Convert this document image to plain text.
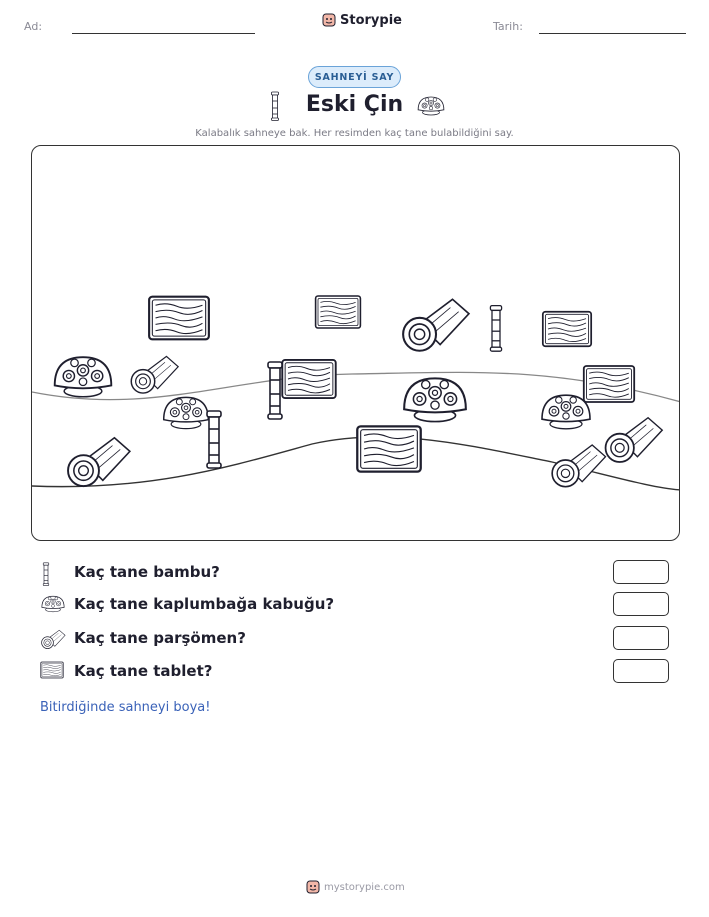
Ad:	Tarih:
Storypie
SAHNEYİ SAY
Eski Çin
Kalabalık sahneye bak. Her resimden kaç tane bulabildiğini say.
Kaç tane bambu?
Kaç tane kaplumbağa kabuğu?
Kaç tane parşömen?
Kaç tane tablet?
Bitirdiğinde sahneyi boya!
mystorypie.com
